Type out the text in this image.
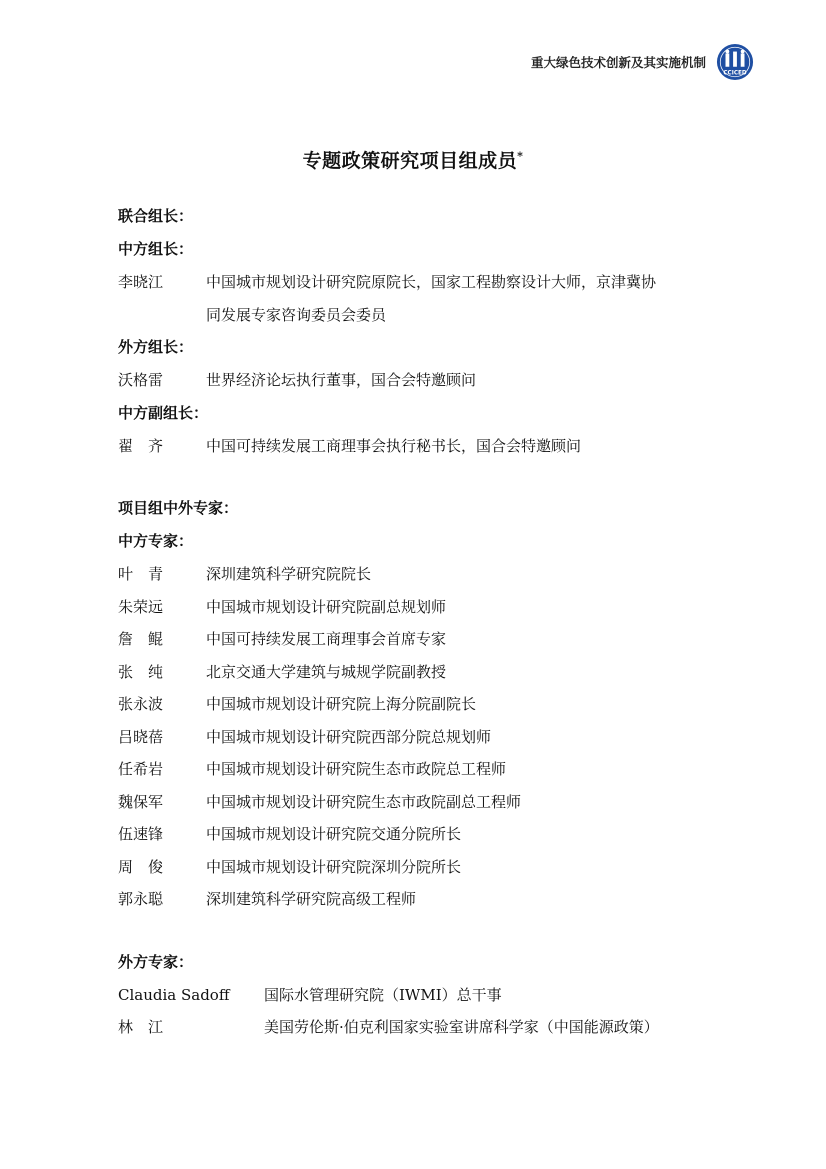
重大绿色技术创新及其实施机制
CCICED
专题政策研究项目组成员*
联合组长：
中方组长：
李晓江	中国城市规划设计研究院原院长，国家工程勘察设计大师，京津冀协
同发展专家咨询委员会委员
外方组长：
沃格雷	世界经济论坛执行董事，国合会特邀顾问
中方副组长：
翟　齐	中国可持续发展工商理事会执行秘书长，国合会特邀顾问
项目组中外专家：
中方专家：
叶　青	深圳建筑科学研究院院长
朱荣远	中国城市规划设计研究院副总规划师
詹　鲲	中国可持续发展工商理事会首席专家
张　纯	北京交通大学建筑与城规学院副教授
张永波	中国城市规划设计研究院上海分院副院长
吕晓蓓	中国城市规划设计研究院西部分院总规划师
任希岩	中国城市规划设计研究院生态市政院总工程师
魏保军	中国城市规划设计研究院生态市政院副总工程师
伍速锋	中国城市规划设计研究院交通分院所长
周　俊	中国城市规划设计研究院深圳分院所长
郭永聪	深圳建筑科学研究院高级工程师
外方专家：
Claudia Sadoff	国际水管理研究院（IWMI）总干事
林　江	美国劳伦斯·伯克利国家实验室讲席科学家（中国能源政策）
